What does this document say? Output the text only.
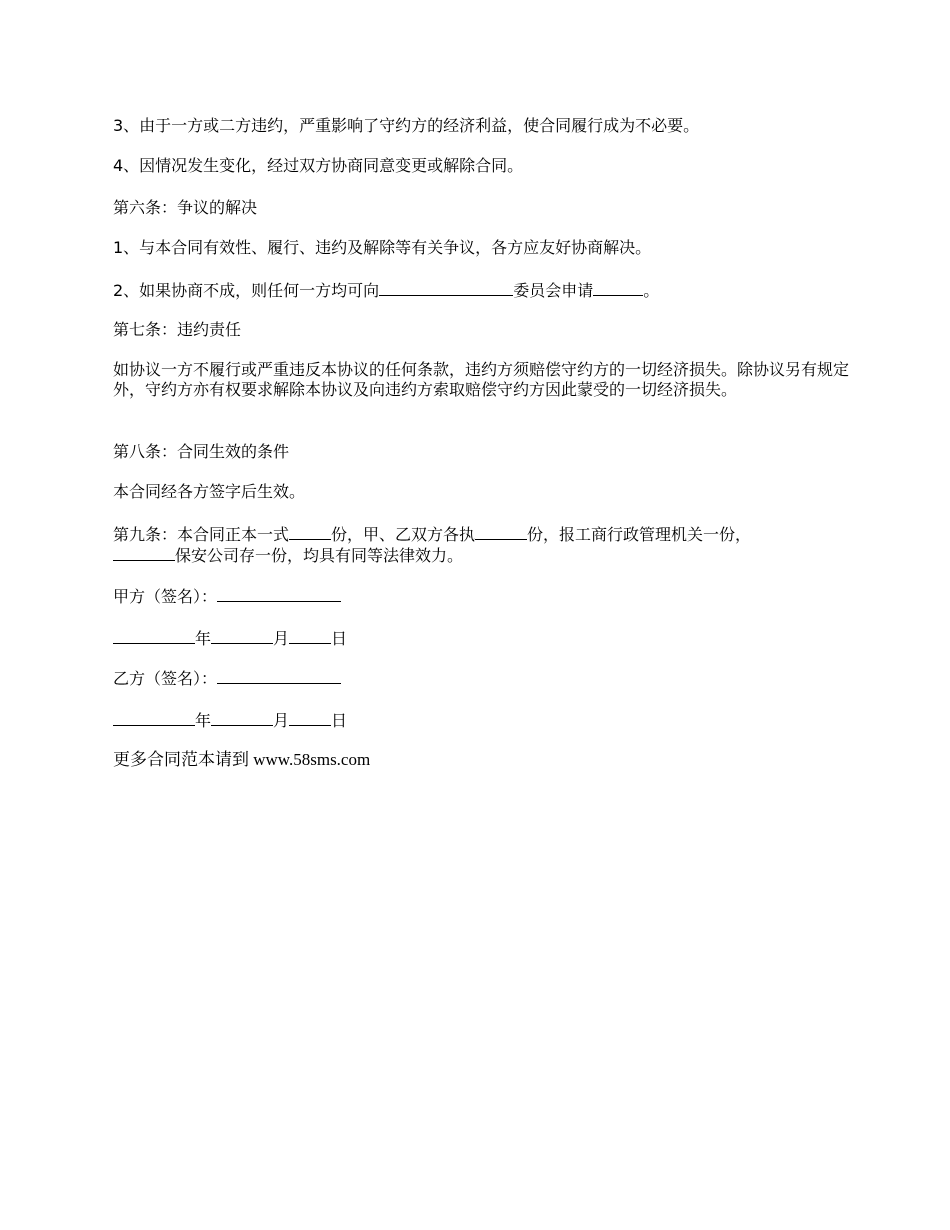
3、由于一方或二方违约，严重影响了守约方的经济利益，使合同履行成为不必要。

4、因情况发生变化，经过双方协商同意变更或解除合同。

第六条：争议的解决

1、与本合同有效性、履行、违约及解除等有关争议，各方应友好协商解决。

2、如果协商不成，则任何一方均可向	委员会申请	。

第七条：违约责任

如协议一方不履行或严重违反本协议的任何条款，违约方须赔偿守约方的一切经济损失。除协议另有规定外，守约方亦有权要求解除本协议及向违约方索取赔偿守约方因此蒙受的一切经济损失。

第八条：合同生效的条件

本合同经各方签字后生效。

第九条：本合同正本一式	份，甲、乙双方各执	份，报工商行政管理机关一份，
保安公司存一份，均具有同等法律效力。

甲方（签名）：

年	月	日

乙方（签名）：

年	月	日

更多合同范本请到 www.58sms.com
